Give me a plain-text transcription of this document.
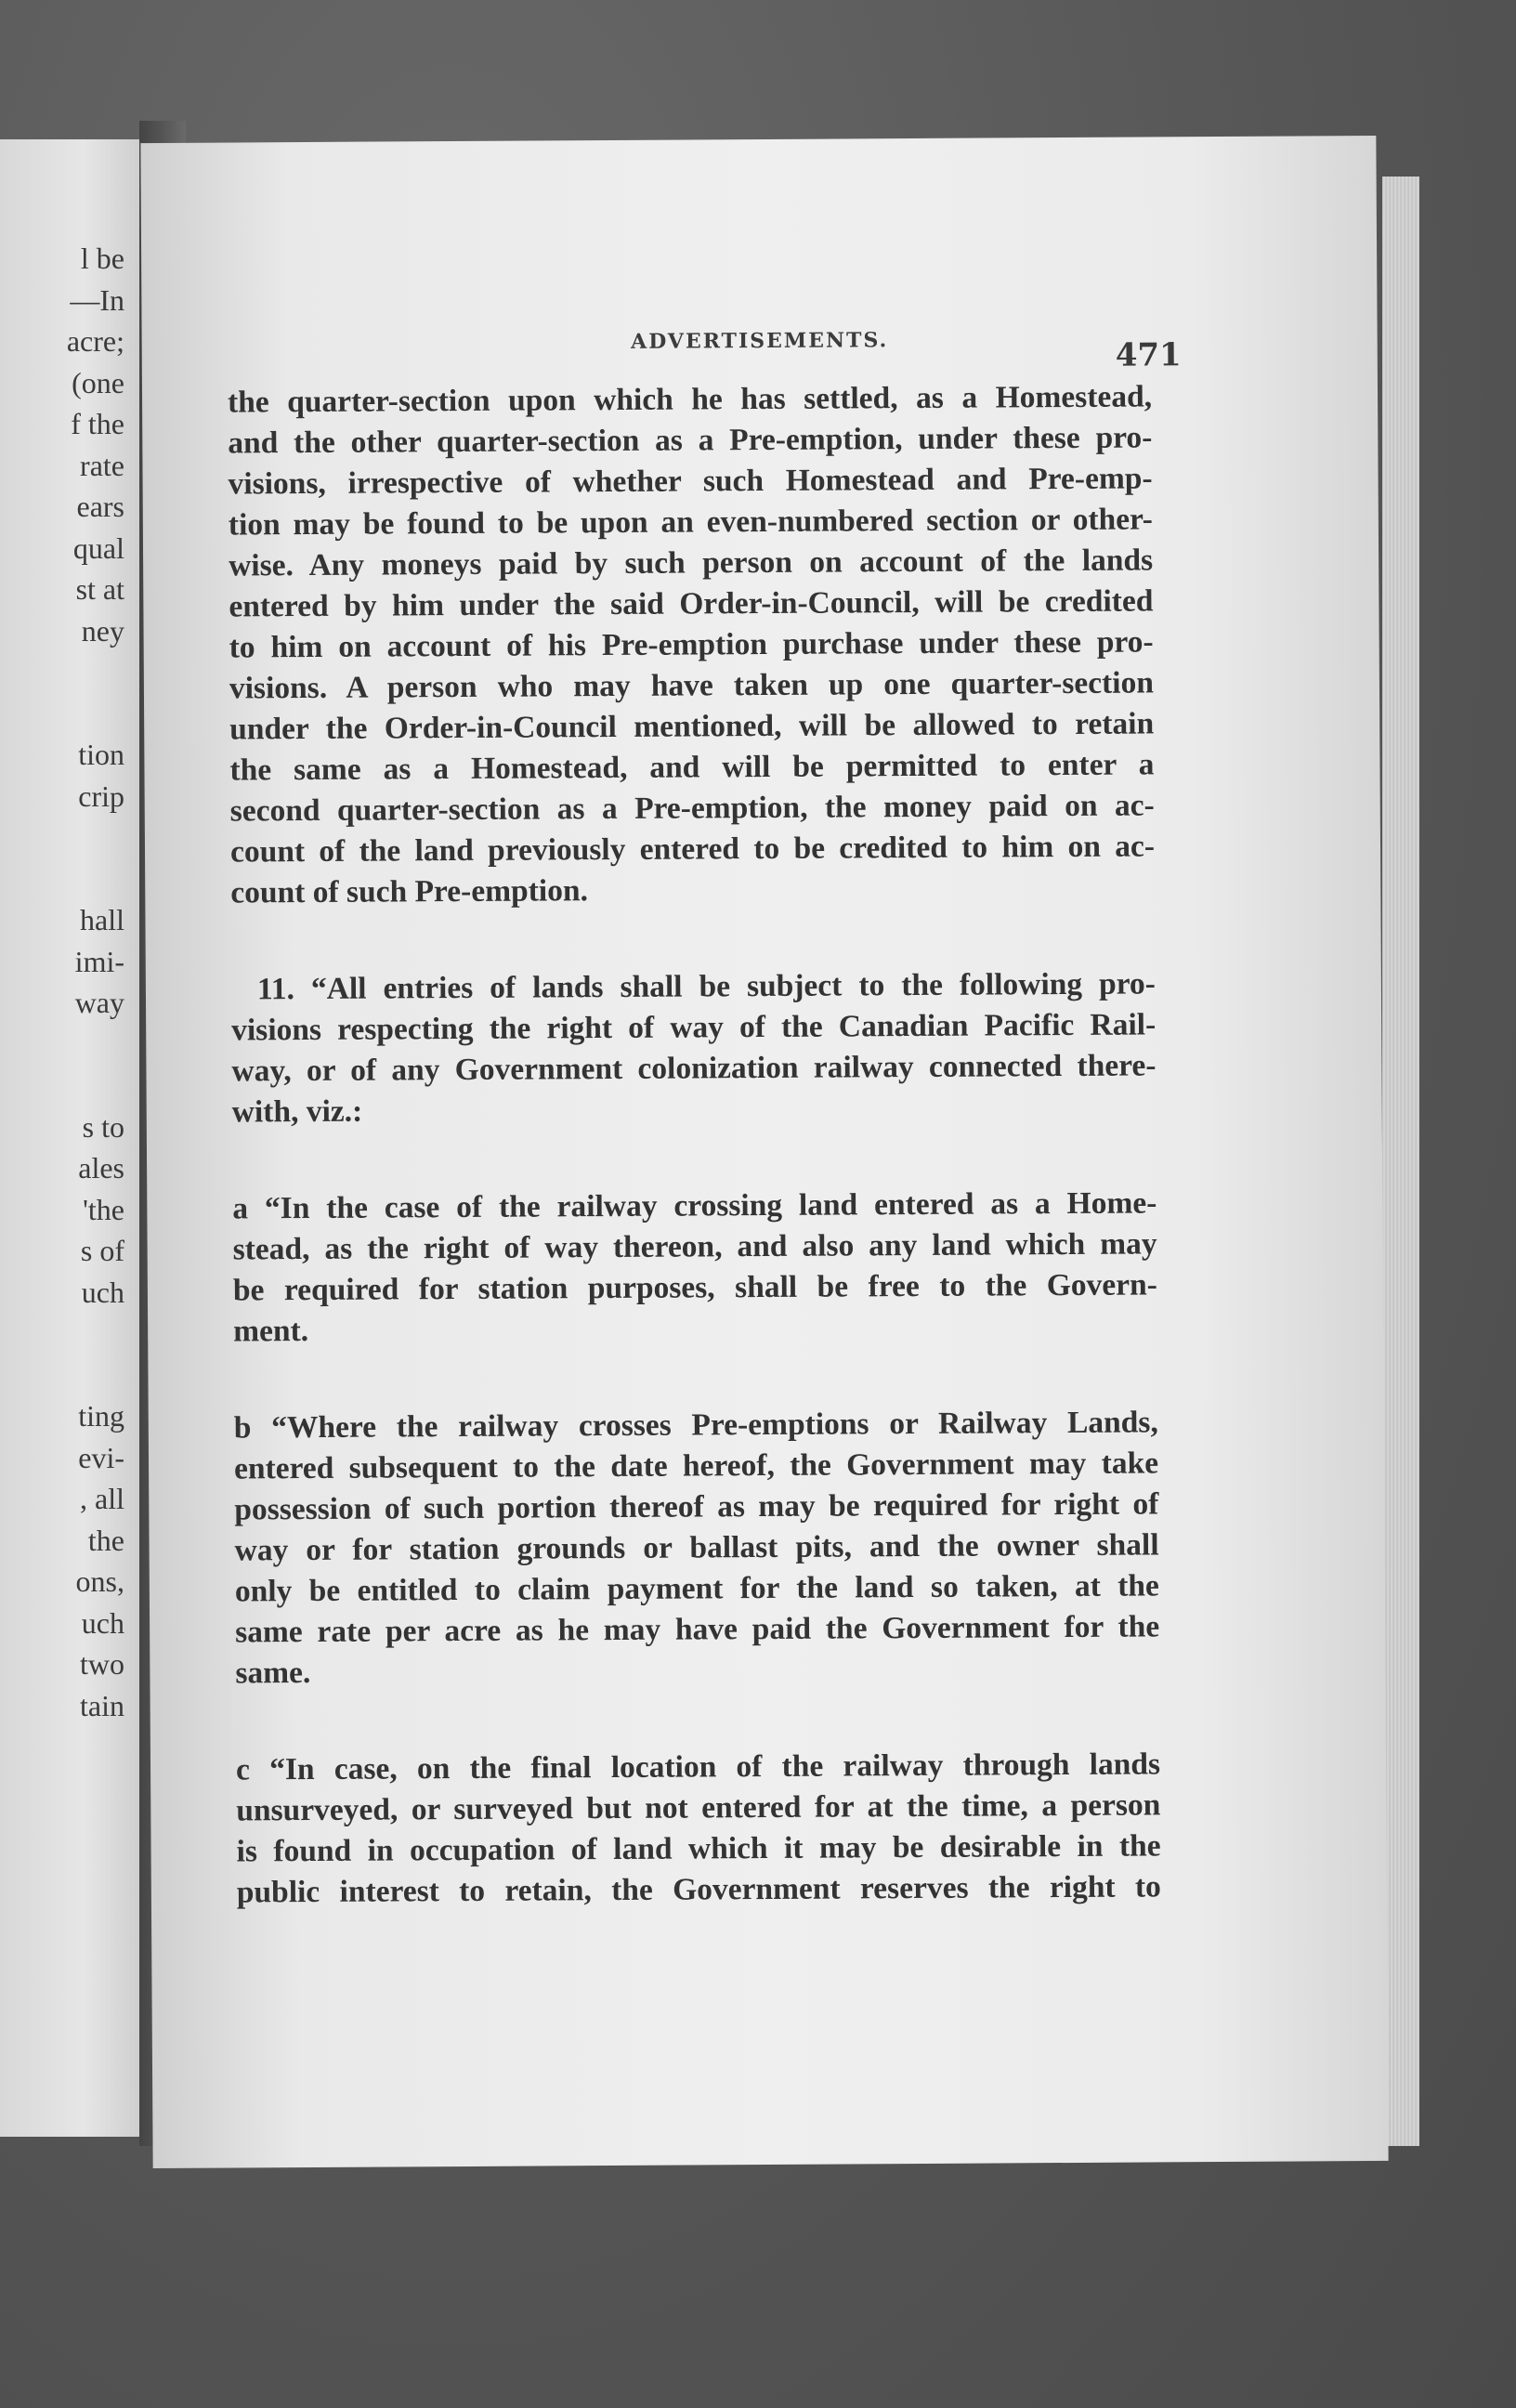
l be
—In
acre;
(one
f the
rate
ears
qual
st at
ney
tion
crip
hall
imi-
way
s to
ales
'the
s of
uch
ting
evi-
, all
the
ons,
uch
two
tain
ADVERTISEMENTS.	471
the quarter-section upon which he has settled, as a Homestead,
and the other quarter-section as a Pre-emption, under these pro-
visions, irrespective of whether such Homestead and Pre-emp-
tion may be found to be upon an even-numbered section or other-
wise. Any moneys paid by such person on account of the lands
entered by him under the said Order-in-Council, will be credited
to him on account of his Pre-emption purchase under these pro-
visions. A person who may have taken up one quarter-section
under the Order-in-Council mentioned, will be allowed to retain
the same as a Homestead, and will be permitted to enter a
second quarter-section as a Pre-emption, the money paid on ac-
count of the land previously entered to be credited to him on ac-
count of such Pre-emption.
11. “All entries of lands shall be subject to the following pro-
visions respecting the right of way of the Canadian Pacific Rail-
way, or of any Government colonization railway connected there-
with, viz.:
a “In the case of the railway crossing land entered as a Home-
stead, as the right of way thereon, and also any land which may
be required for station purposes, shall be free to the Govern-
ment.
b “Where the railway crosses Pre-emptions or Railway Lands,
entered subsequent to the date hereof, the Government may take
possession of such portion thereof as may be required for right of
way or for station grounds or ballast pits, and the owner shall
only be entitled to claim payment for the land so taken, at the
same rate per acre as he may have paid the Government for the
same.
c “In case, on the final location of the railway through lands
unsurveyed, or surveyed but not entered for at the time, a person
is found in occupation of land which it may be desirable in the
public interest to retain, the Government reserves the right to
